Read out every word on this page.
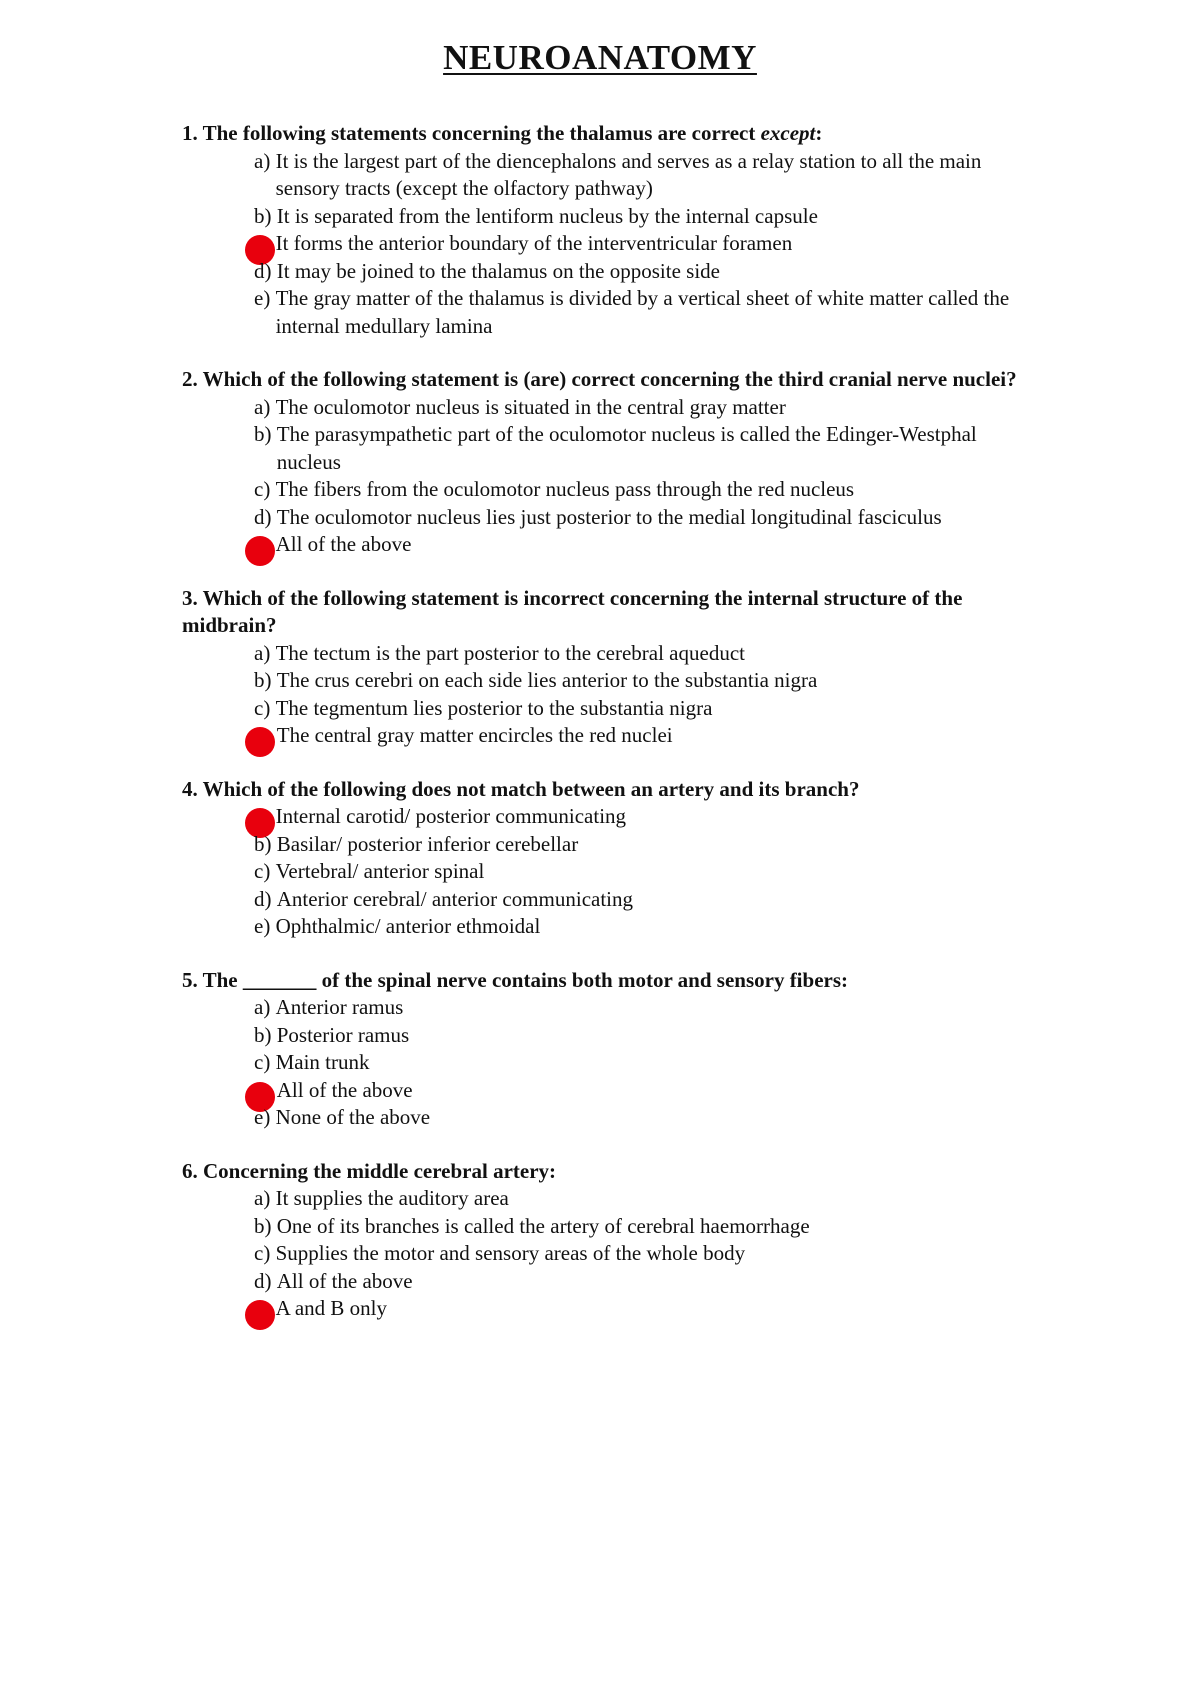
NEUROANATOMY
1. The following statements concerning the thalamus are correct except:
a)
It is the largest part of the diencephalons and serves as a relay station to all the main sensory tracts (except the olfactory pathway)
b)
It is separated from the lentiform nucleus by the internal capsule
It forms the anterior boundary of the interventricular foramen
d)
It may be joined to the thalamus on the opposite side
e)
The gray matter of the thalamus is divided by a vertical sheet of white matter called the internal medullary lamina
2. Which of the following statement is (are) correct concerning the third cranial nerve nuclei?
a)
The oculomotor nucleus is situated in the central gray matter
b)
The parasympathetic part of the oculomotor nucleus is called the Edinger-Westphal nucleus
c)
The fibers from the oculomotor nucleus pass through the red nucleus
d)
The oculomotor nucleus lies just posterior to the medial longitudinal fasciculus
All of the above
3. Which of the following statement is incorrect concerning the internal structure of the midbrain?
a)
The tectum is the part posterior to the cerebral aqueduct
b)
The crus cerebri on each side lies anterior to the substantia nigra
c)
The tegmentum lies posterior to the substantia nigra
The central gray matter encircles the red nuclei
4. Which of the following does not match between an artery and its branch?
Internal carotid/ posterior communicating
b)
Basilar/ posterior inferior cerebellar
c)
Vertebral/ anterior spinal
d)
Anterior cerebral/ anterior communicating
e)
Ophthalmic/ anterior ethmoidal
5. The _______ of the spinal nerve contains both motor and sensory fibers:
a)
Anterior ramus
b)
Posterior ramus
c)
Main trunk
All of the above
e)
None of the above
6. Concerning the middle cerebral artery:
a)
It supplies the auditory area
b)
One of its branches is called the artery of cerebral haemorrhage
c)
Supplies the motor and sensory areas of the whole body
d)
All of the above
A and B only
